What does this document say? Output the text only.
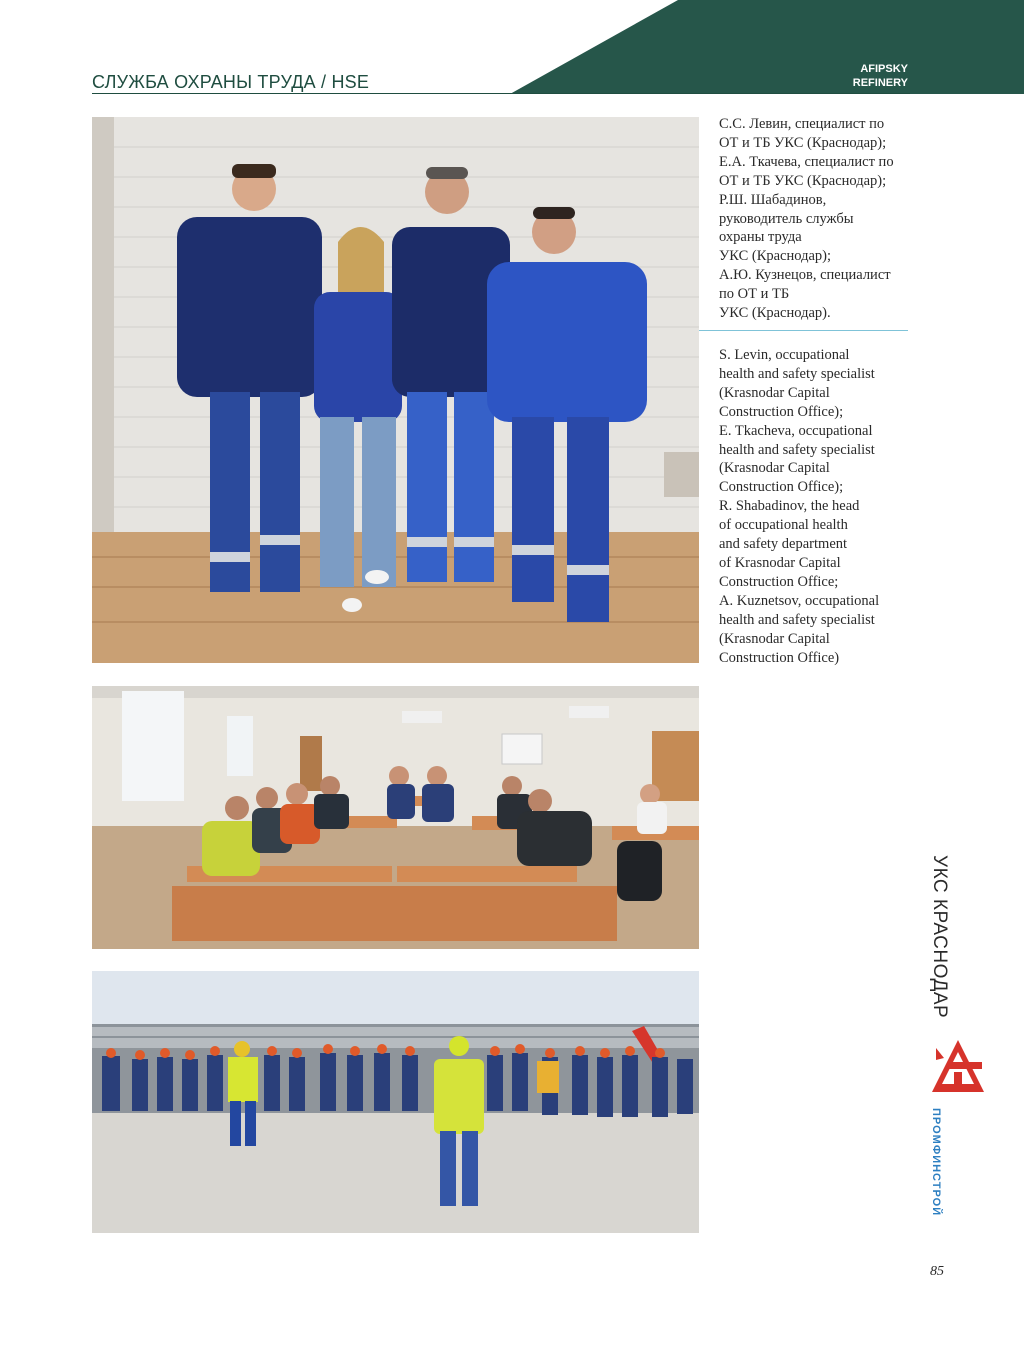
СЛУЖБА ОХРАНЫ ТРУДА / HSE
AFIPSKY
REFINERY

С.С. Левин, специалист по

ОТ и ТБ УКС (Краснодар);

Е.А. Ткачева, специалист по

ОТ и ТБ УКС (Краснодар);

Р.Ш. Шабадинов,

руководитель службы

охраны труда

УКС (Краснодар);

А.Ю. Кузнецов, специалист

по ОТ и ТБ

УКС (Краснодар).

S. Levin, occupational

health and safety specialist

(Krasnodar Capital

Construction Office);

E. Tkacheva, occupational

health and safety specialist

(Krasnodar Capital

Construction Office);

R. Shabadinov, the head

of occupational health

and safety department

of Krasnodar Capital

Construction Office;

A. Kuznetsov, occupational

health and safety specialist

(Krasnodar Capital

Construction Office)

УКС КРАСНОДАР
ПРОМФИНСТРОЙ
85
